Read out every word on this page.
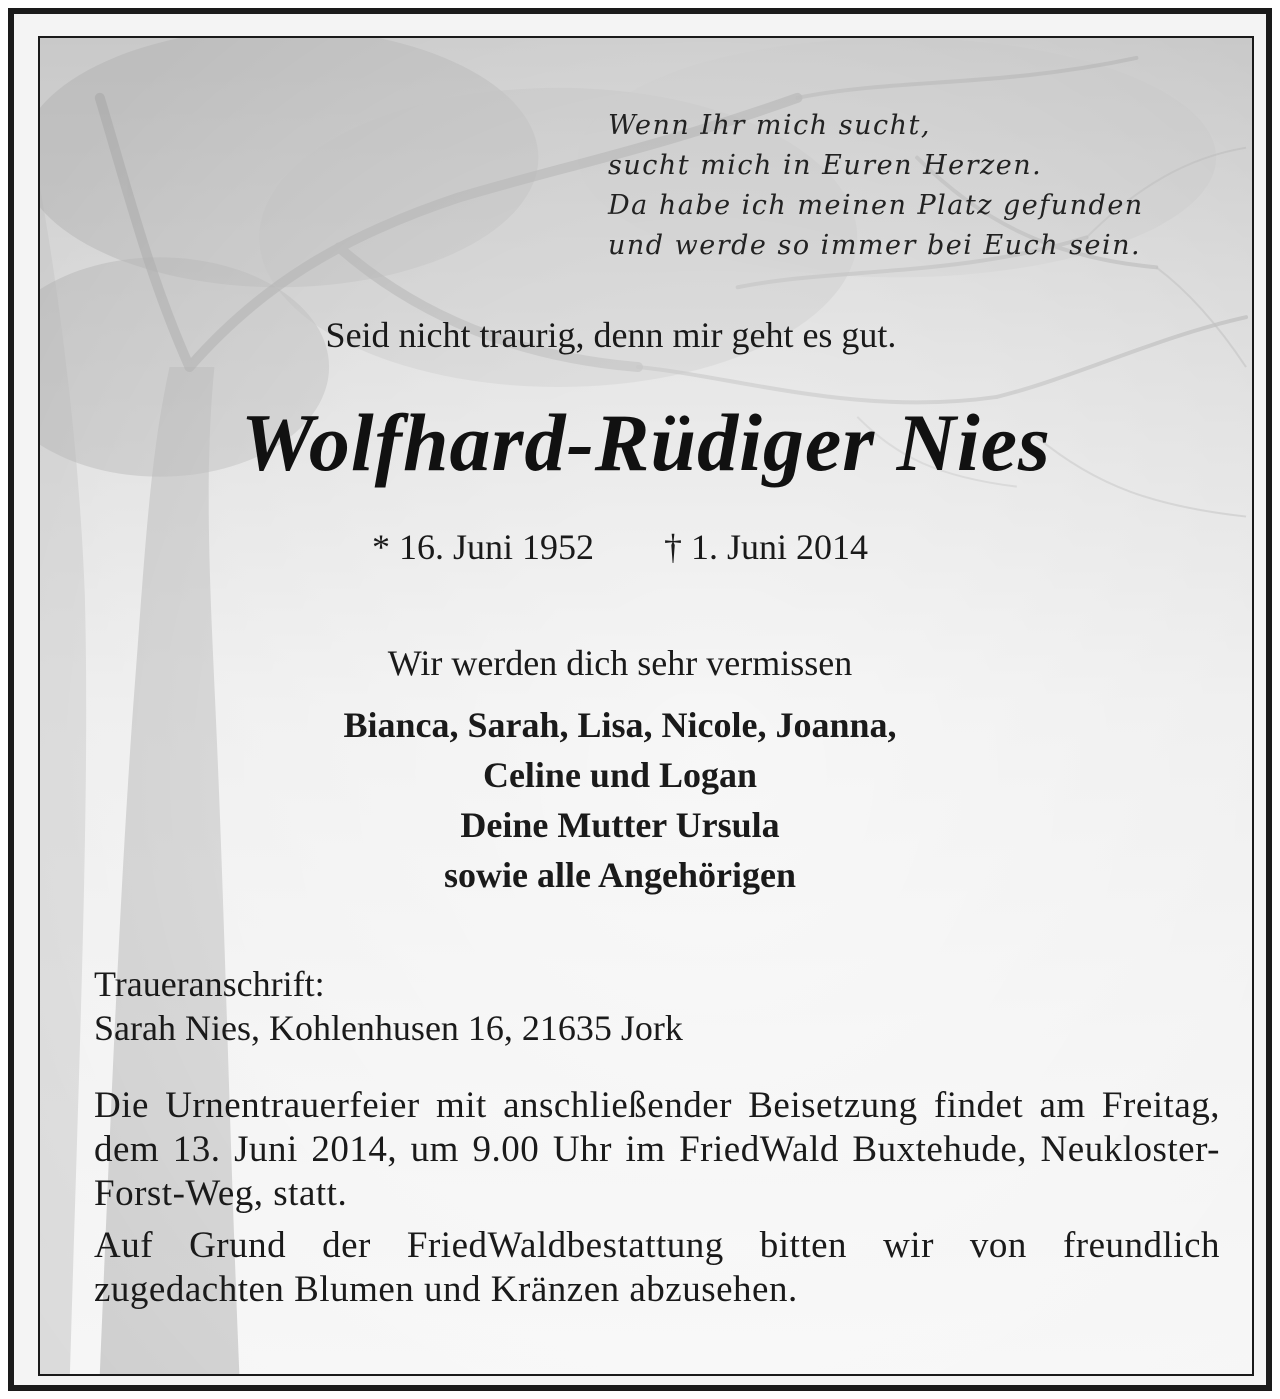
Wenn Ihr mich sucht,
sucht mich in Euren Herzen.
Da habe ich meinen Platz gefunden
und werde so immer bei Euch sein.
Seid nicht traurig, denn mir geht es gut.
Wolfhard-Rüdiger Nies
* 16. Juni 1952 † 1. Juni 2014
Wir werden dich sehr vermissen
Bianca, Sarah, Lisa, Nicole, Joanna,
Celine und Logan
Deine Mutter Ursula
sowie alle Angehörigen
Traueranschrift:
Sarah Nies, Kohlenhusen 16, 21635 Jork
Die Urnentrauerfeier mit anschließender Beisetzung findet am Freitag, dem 13. Juni 2014, um 9.00 Uhr im FriedWald Buxtehude, Neukloster-Forst-Weg, statt.
Auf Grund der FriedWaldbestattung bitten wir von freundlich zugedachten Blumen und Kränzen abzusehen.
